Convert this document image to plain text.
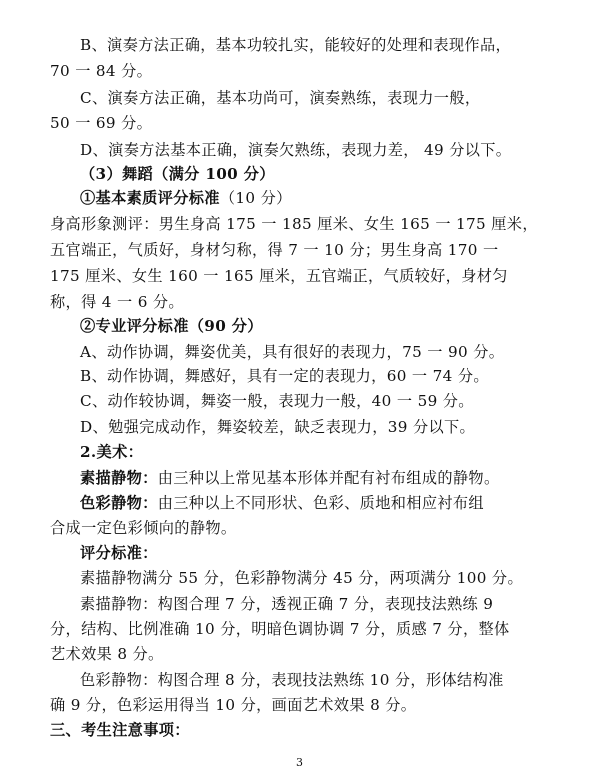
B、演奏方法正确，基本功较扎实，能较好的处理和表现作品，
70 一 84 分。
C、演奏方法正确，基本功尚可，演奏熟练，表现力一般，
50 一 69 分。
D、演奏方法基本正确，演奏欠熟练，表现力差， 49 分以下。
（3）舞蹈（满分 100 分）
①基本素质评分标准（10 分）
身高形象测评：男生身高 175 一 185 厘米、女生 165 一 175 厘米，
五官端正，气质好，身材匀称，得 7 一 10 分；男生身高 170 一
175 厘米、女生 160 一 165 厘米，五官端正，气质较好，身材匀
称，得 4 一 6 分。
②专业评分标准（90 分）
A、动作协调，舞姿优美，具有很好的表现力，75 一 90 分。
B、动作协调，舞感好，具有一定的表现力，60 一 74 分。
C、动作较协调，舞姿一般，表现力一般，40 一 59 分。
D、勉强完成动作，舞姿较差，缺乏表现力，39 分以下。
2.美术：
素描静物：由三种以上常见基本形体并配有衬布组成的静物。
色彩静物：由三种以上不同形状、色彩、质地和相应衬布组
合成一定色彩倾向的静物。
评分标准：
素描静物满分 55 分，色彩静物满分 45 分，两项满分 100 分。
素描静物：构图合理 7 分，透视正确 7 分，表现技法熟练 9
分，结构、比例准确 10 分，明暗色调协调 7 分，质感 7 分，整体
艺术效果 8 分。
色彩静物：构图合理 8 分，表现技法熟练 10 分，形体结构准
确 9 分，色彩运用得当 10 分，画面艺术效果 8 分。
三、考生注意事项：
3
